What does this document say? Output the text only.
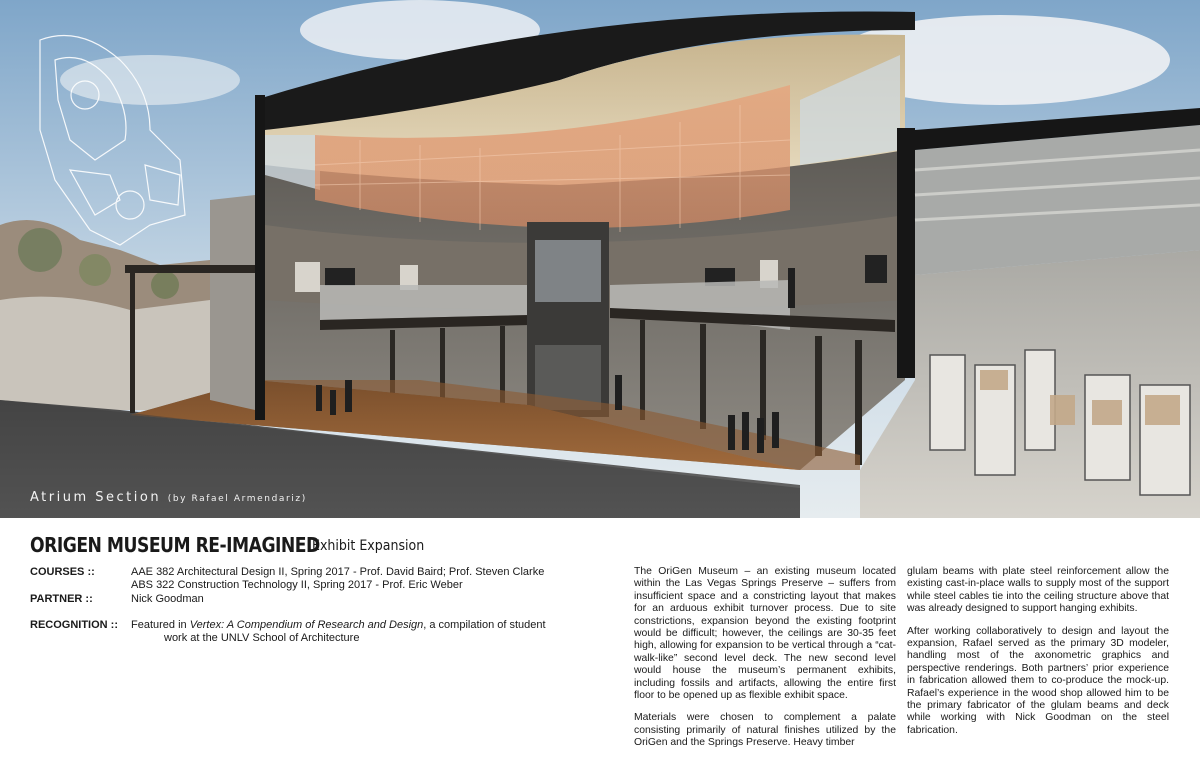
Atrium Section (by Rafael Armendariz)
ORIGEN MUSEUM RE-IMAGINED
Exhibit Expansion
COURSES ::	AAE 382 Architectural Design II, Spring 2017 - Prof. David Baird; Prof. Steven Clarke
ABS 322 Construction Technology II, Spring 2017 - Prof. Eric Weber
PARTNER ::	Nick Goodman
RECOGNITION :: Featured in Vertex: A Compendium of Research and Design, a compilation of student
work at the UNLV School of Architecture

The OriGen Museum – an existing museum located within the Las Vegas Springs Preserve – suffers from insufficient space and a constricting layout that makes for an arduous exhibit turnover process. Due to site constrictions, expansion beyond the existing footprint would be difficult; however, the ceilings are 30-35 feet high, allowing for expansion to be vertical through a “cat-walk-like” second level deck. The new second level would house the museum’s permanent exhibits, including fossils and artifacts, allowing the entire first floor to be opened up as flexible exhibit space.

Materials were chosen to complement a palate consisting primarily of natural finishes utilized by the OriGen and the Springs Preserve. Heavy timber

glulam beams with plate steel reinforcement allow the existing cast-in-place walls to supply most of the support while steel cables tie into the ceiling structure above that was already designed to support hanging exhibits.

After working collaboratively to design and layout the expansion, Rafael served as the primary 3D modeler, handling most of the axonometric graphics and perspective renderings. Both partners’ prior experience in fabrication allowed them to co-produce the mock-up. Rafael’s experience in the wood shop allowed him to be the primary fabricator of the glulam beams and deck while working with Nick Goodman on the steel fabrication.
